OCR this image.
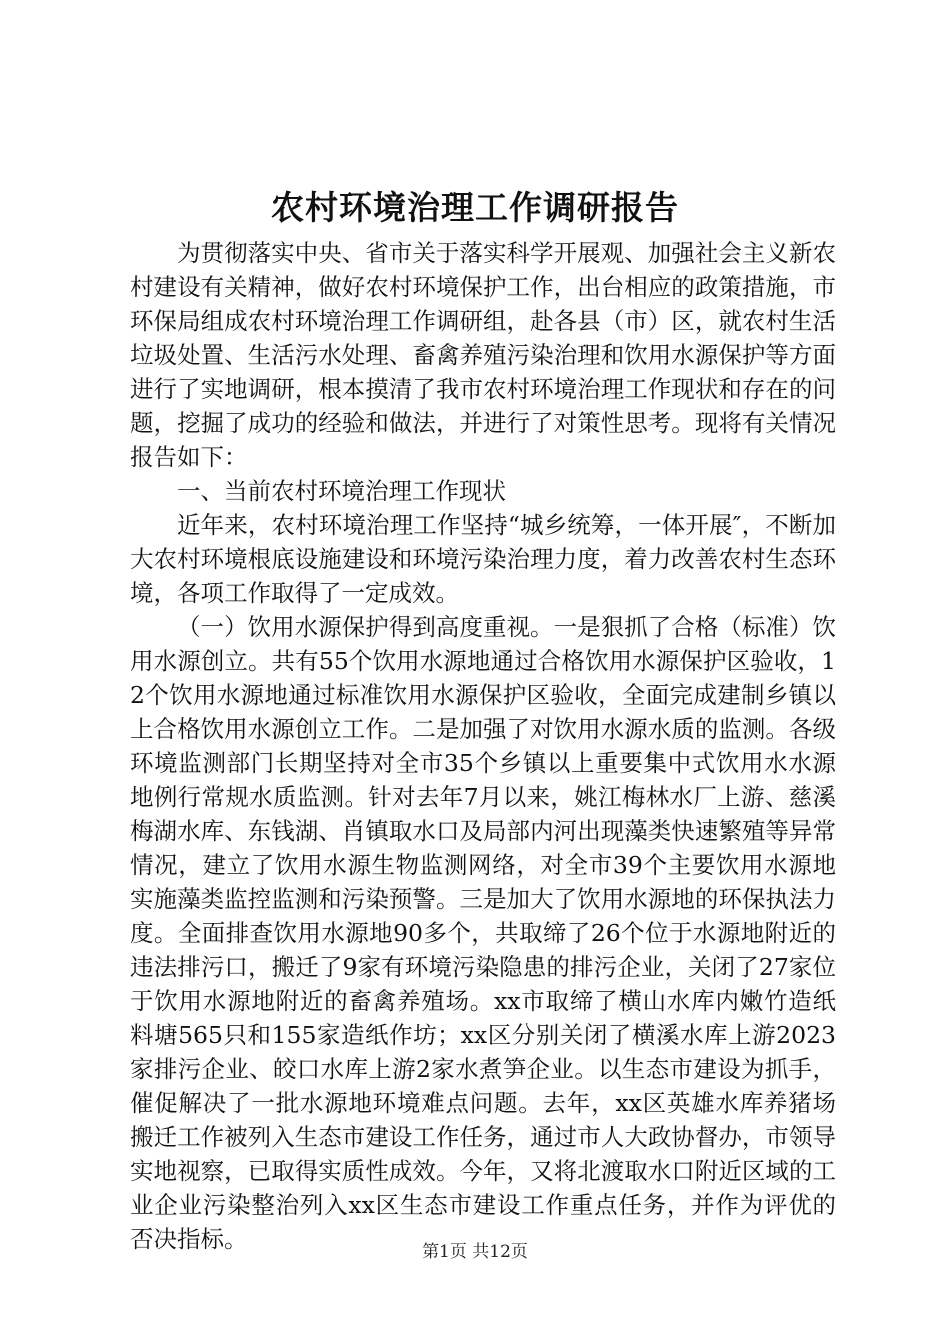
农村环境治理工作调研报告

为贯彻落实中央、省市关于落实科学开展观、加强社会主义新农村建设有关精神，做好农村环境保护工作，出台相应的政策措施，市环保局组成农村环境治理工作调研组，赴各县（市）区，就农村生活垃圾处置、生活污水处理、畜禽养殖污染治理和饮用水源保护等方面进行了实地调研，根本摸清了我市农村环境治理工作现状和存在的问题，挖掘了成功的经验和做法，并进行了对策性思考。现将有关情况报告如下：

一、当前农村环境治理工作现状

近年来，农村环境治理工作坚持“城乡统筹，一体开展″，不断加大农村环境根底设施建设和环境污染治理力度，着力改善农村生态环境，各项工作取得了一定成效。

（一）饮用水源保护得到高度重视。一是狠抓了合格（标准）饮用水源创立。共有55个饮用水源地通过合格饮用水源保护区验收，12个饮用水源地通过标准饮用水源保护区验收，全面完成建制乡镇以上合格饮用水源创立工作。二是加强了对饮用水源水质的监测。各级环境监测部门长期坚持对全市35个乡镇以上重要集中式饮用水水源地例行常规水质监测。针对去年7月以来，姚江梅林水厂上游、慈溪梅湖水库、东钱湖、肖镇取水口及局部内河出现藻类快速繁殖等异常情况，建立了饮用水源生物监测网络，对全市39个主要饮用水源地实施藻类监控监测和污染预警。三是加大了饮用水源地的环保执法力度。全面排查饮用水源地90多个，共取缔了26个位于水源地附近的违法排污口，搬迁了9家有环境污染隐患的排污企业，关闭了27家位于饮用水源地附近的畜禽养殖场。xx市取缔了横山水库内嫩竹造纸料塘565只和155家造纸作坊；xx区分别关闭了横溪水库上游2023家排污企业、皎口水库上游2家水煮笋企业。以生态市建设为抓手，催促解决了一批水源地环境难点问题。去年，xx区英雄水库养猪场搬迁工作被列入生态市建设工作任务，通过市人大政协督办，市领导实地视察，已取得实质性成效。今年，又将北渡取水口附近区域的工业企业污染整治列入xx区生态市建设工作重点任务，并作为评优的否决指标。	第1页 共12页
